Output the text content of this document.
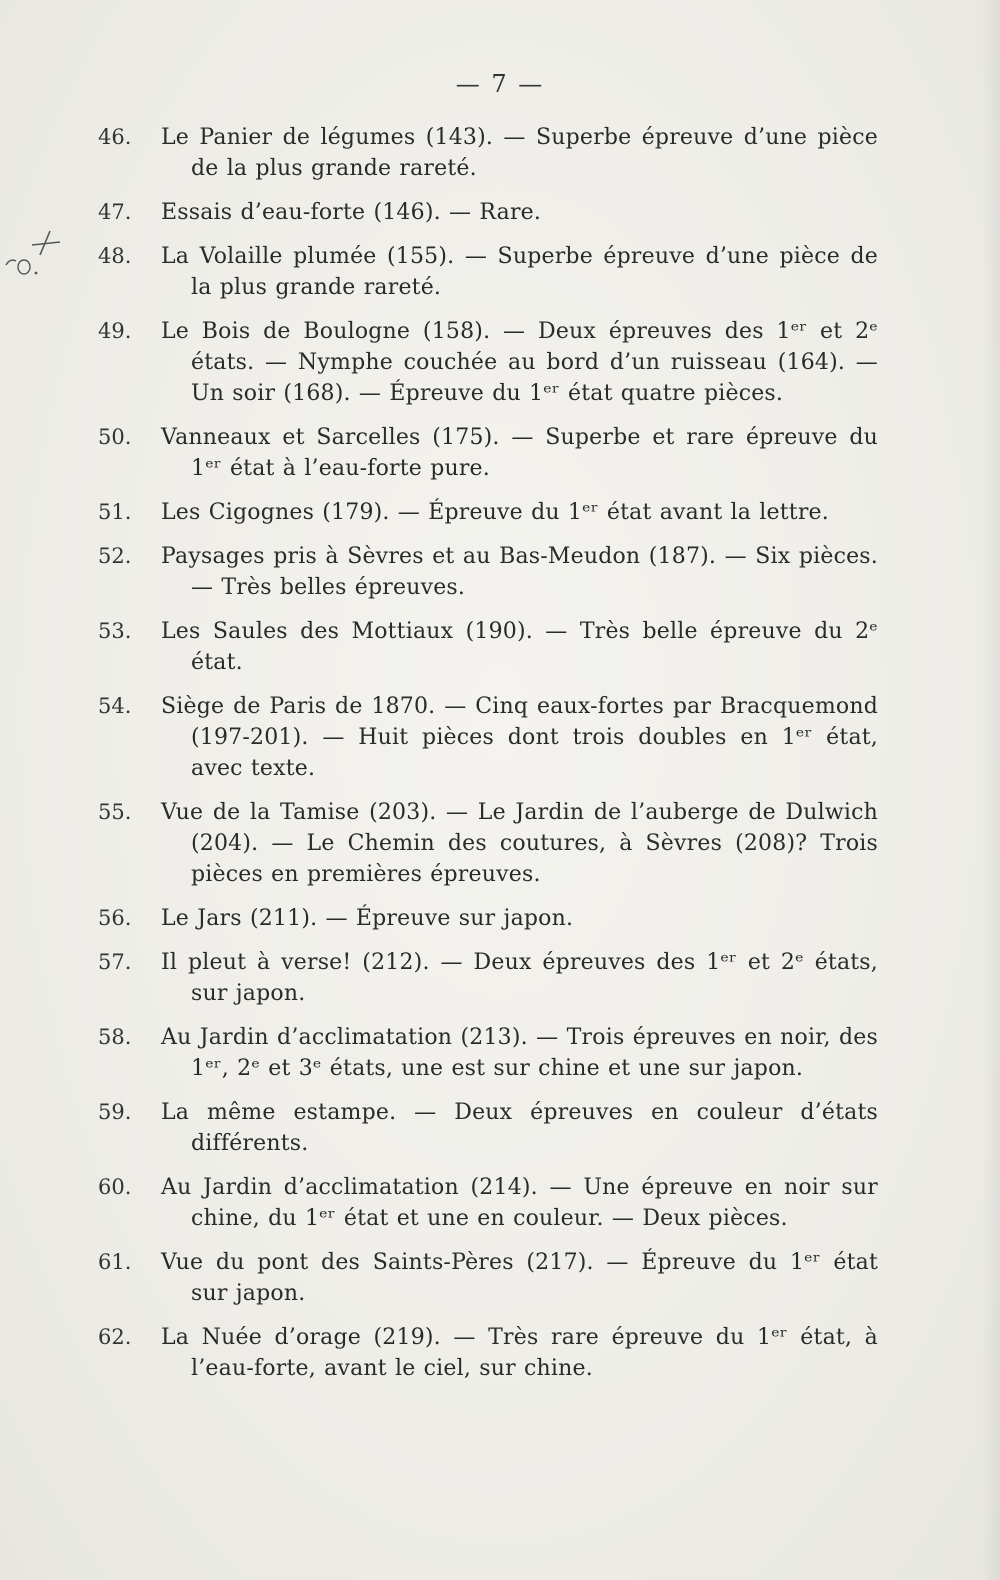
— 7 —
46.	Le Panier de légumes (143). — Superbe épreuve d’une pièce de la plus grande rareté.
47.	Essais d’eau-forte (146). — Rare.
48.	La Volaille plumée (155). — Superbe épreuve d’une pièce de la plus grande rareté.
49.	Le Bois de Boulogne (158). — Deux épreuves des 1ᵉʳ et 2ᵉ états. — Nymphe couchée au bord d’un ruisseau (164). — Un soir (168). — Épreuve du 1ᵉʳ état quatre pièces.
50.	Vanneaux et Sarcelles (175). — Superbe et rare épreuve du 1ᵉʳ état à l’eau-forte pure.
51.	Les Cigognes (179). — Épreuve du 1ᵉʳ état avant la lettre.
52.	Paysages pris à Sèvres et au Bas-Meudon (187). — Six pièces. — Très belles épreuves.
53.	Les Saules des Mottiaux (190). — Très belle épreuve du 2ᵉ état.
54.	Siège de Paris de 1870. — Cinq eaux-fortes par Bracquemond (197-201). — Huit pièces dont trois doubles en 1ᵉʳ état, avec texte.
55.	Vue de la Tamise (203). — Le Jardin de l’auberge de Dulwich (204). — Le Chemin des coutures, à Sèvres (208)? Trois pièces en premières épreuves.
56.	Le Jars (211). — Épreuve sur japon.
57.	Il pleut à verse! (212). — Deux épreuves des 1ᵉʳ et 2ᵉ états, sur japon.
58.	Au Jardin d’acclimatation (213). — Trois épreuves en noir, des 1ᵉʳ, 2ᵉ et 3ᵉ états, une est sur chine et une sur japon.
59.	La même estampe. — Deux épreuves en couleur d’états différents.
60.	Au Jardin d’acclimatation (214). — Une épreuve en noir sur chine, du 1ᵉʳ état et une en couleur. — Deux pièces.
61.	Vue du pont des Saints-Pères (217). — Épreuve du 1ᵉʳ état sur japon.
62.	La Nuée d’orage (219). — Très rare épreuve du 1ᵉʳ état, à l’eau-forte, avant le ciel, sur chine.
